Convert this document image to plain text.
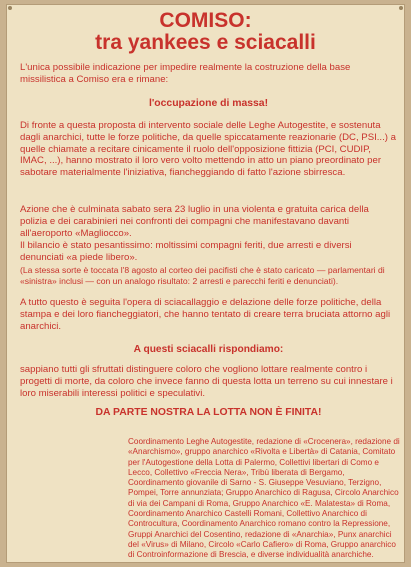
COMISO:
tra yankees e sciacalli
L'unica possibile indicazione per impedire realmente la costruzione della base missilistica a Comiso era e rimane:
l'occupazione di massa!
Di fronte a questa proposta di intervento sociale delle Leghe Autogestite, e sostenuta dagli anarchici, tutte le forze politiche, da quelle spiccatamente reazionarie (DC, PSI...) a quelle chiamate a recitare cinicamente il ruolo dell'opposizione fittizia (PCI, CUDIP, IMAC, ...), hanno mostrato il loro vero volto mettendo in atto un piano preordinato per sabotare materialmente l'iniziativa, fiancheggiando di fatto l'azione sbirresca.
Azione che è culminata sabato sera 23 luglio in una violenta e gratuita carica della polizia e dei carabinieri nei confronti dei compagni che manifestavano davanti all'aeroporto «Magliocco».
Il bilancio è stato pesantissimo: moltissimi compagni feriti, due arresti e diversi denunciati «a piede libero».
(La stessa sorte è toccata l'8 agosto al corteo dei pacifisti che è stato caricato — parlamentari di «sinistra» inclusi — con un analogo risultato: 2 arresti e parecchi feriti e denunciati).
A tutto questo è seguita l'opera di sciacallaggio e delazione delle forze politiche, della stampa e dei loro fiancheggiatori, che hanno tentato di creare terra bruciata attorno agli anarchici.
A questi sciacalli rispondiamo:
sappiano tutti gli sfruttati distinguere coloro che vogliono lottare realmente contro i progetti di morte, da coloro che invece fanno di questa lotta un terreno su cui innestare i loro miserabili interessi politici e speculativi.
DA PARTE NOSTRA LA LOTTA NON È FINITA!
Coordinamento Leghe Autogestite, redazione di «Crocenera», redazione di «Anarchismo», gruppo anarchico «Rivolta e Libertà» di Catania, Comitato per l'Autogestione della Lotta di Palermo, Collettivi libertari di Como e Lecco, Collettivo «Freccia Nera», Tribù liberata di Bergamo, Coordinamento giovanile di Sarno - S. Giuseppe Vesuviano, Terzigno, Pompei, Torre annunziata; Gruppo Anarchico di Ragusa, Circolo Anarchico di via dei Campani di Roma, Gruppo Anarchico «E. Malatesta» di Roma, Coordinamento Anarchico Castelli Romani, Collettivo Anarchico di Controcultura, Coordinamento Anarchico romano contro la Repressione, Gruppi Anarchici del Cosentino, redazione di «Anarchia», Punx anarchici del «Virus» di Milano, Circolo «Carlo Cafiero» di Roma, Gruppo anarchico di Controinformazione di Brescia, e diverse individualità anarchiche.
